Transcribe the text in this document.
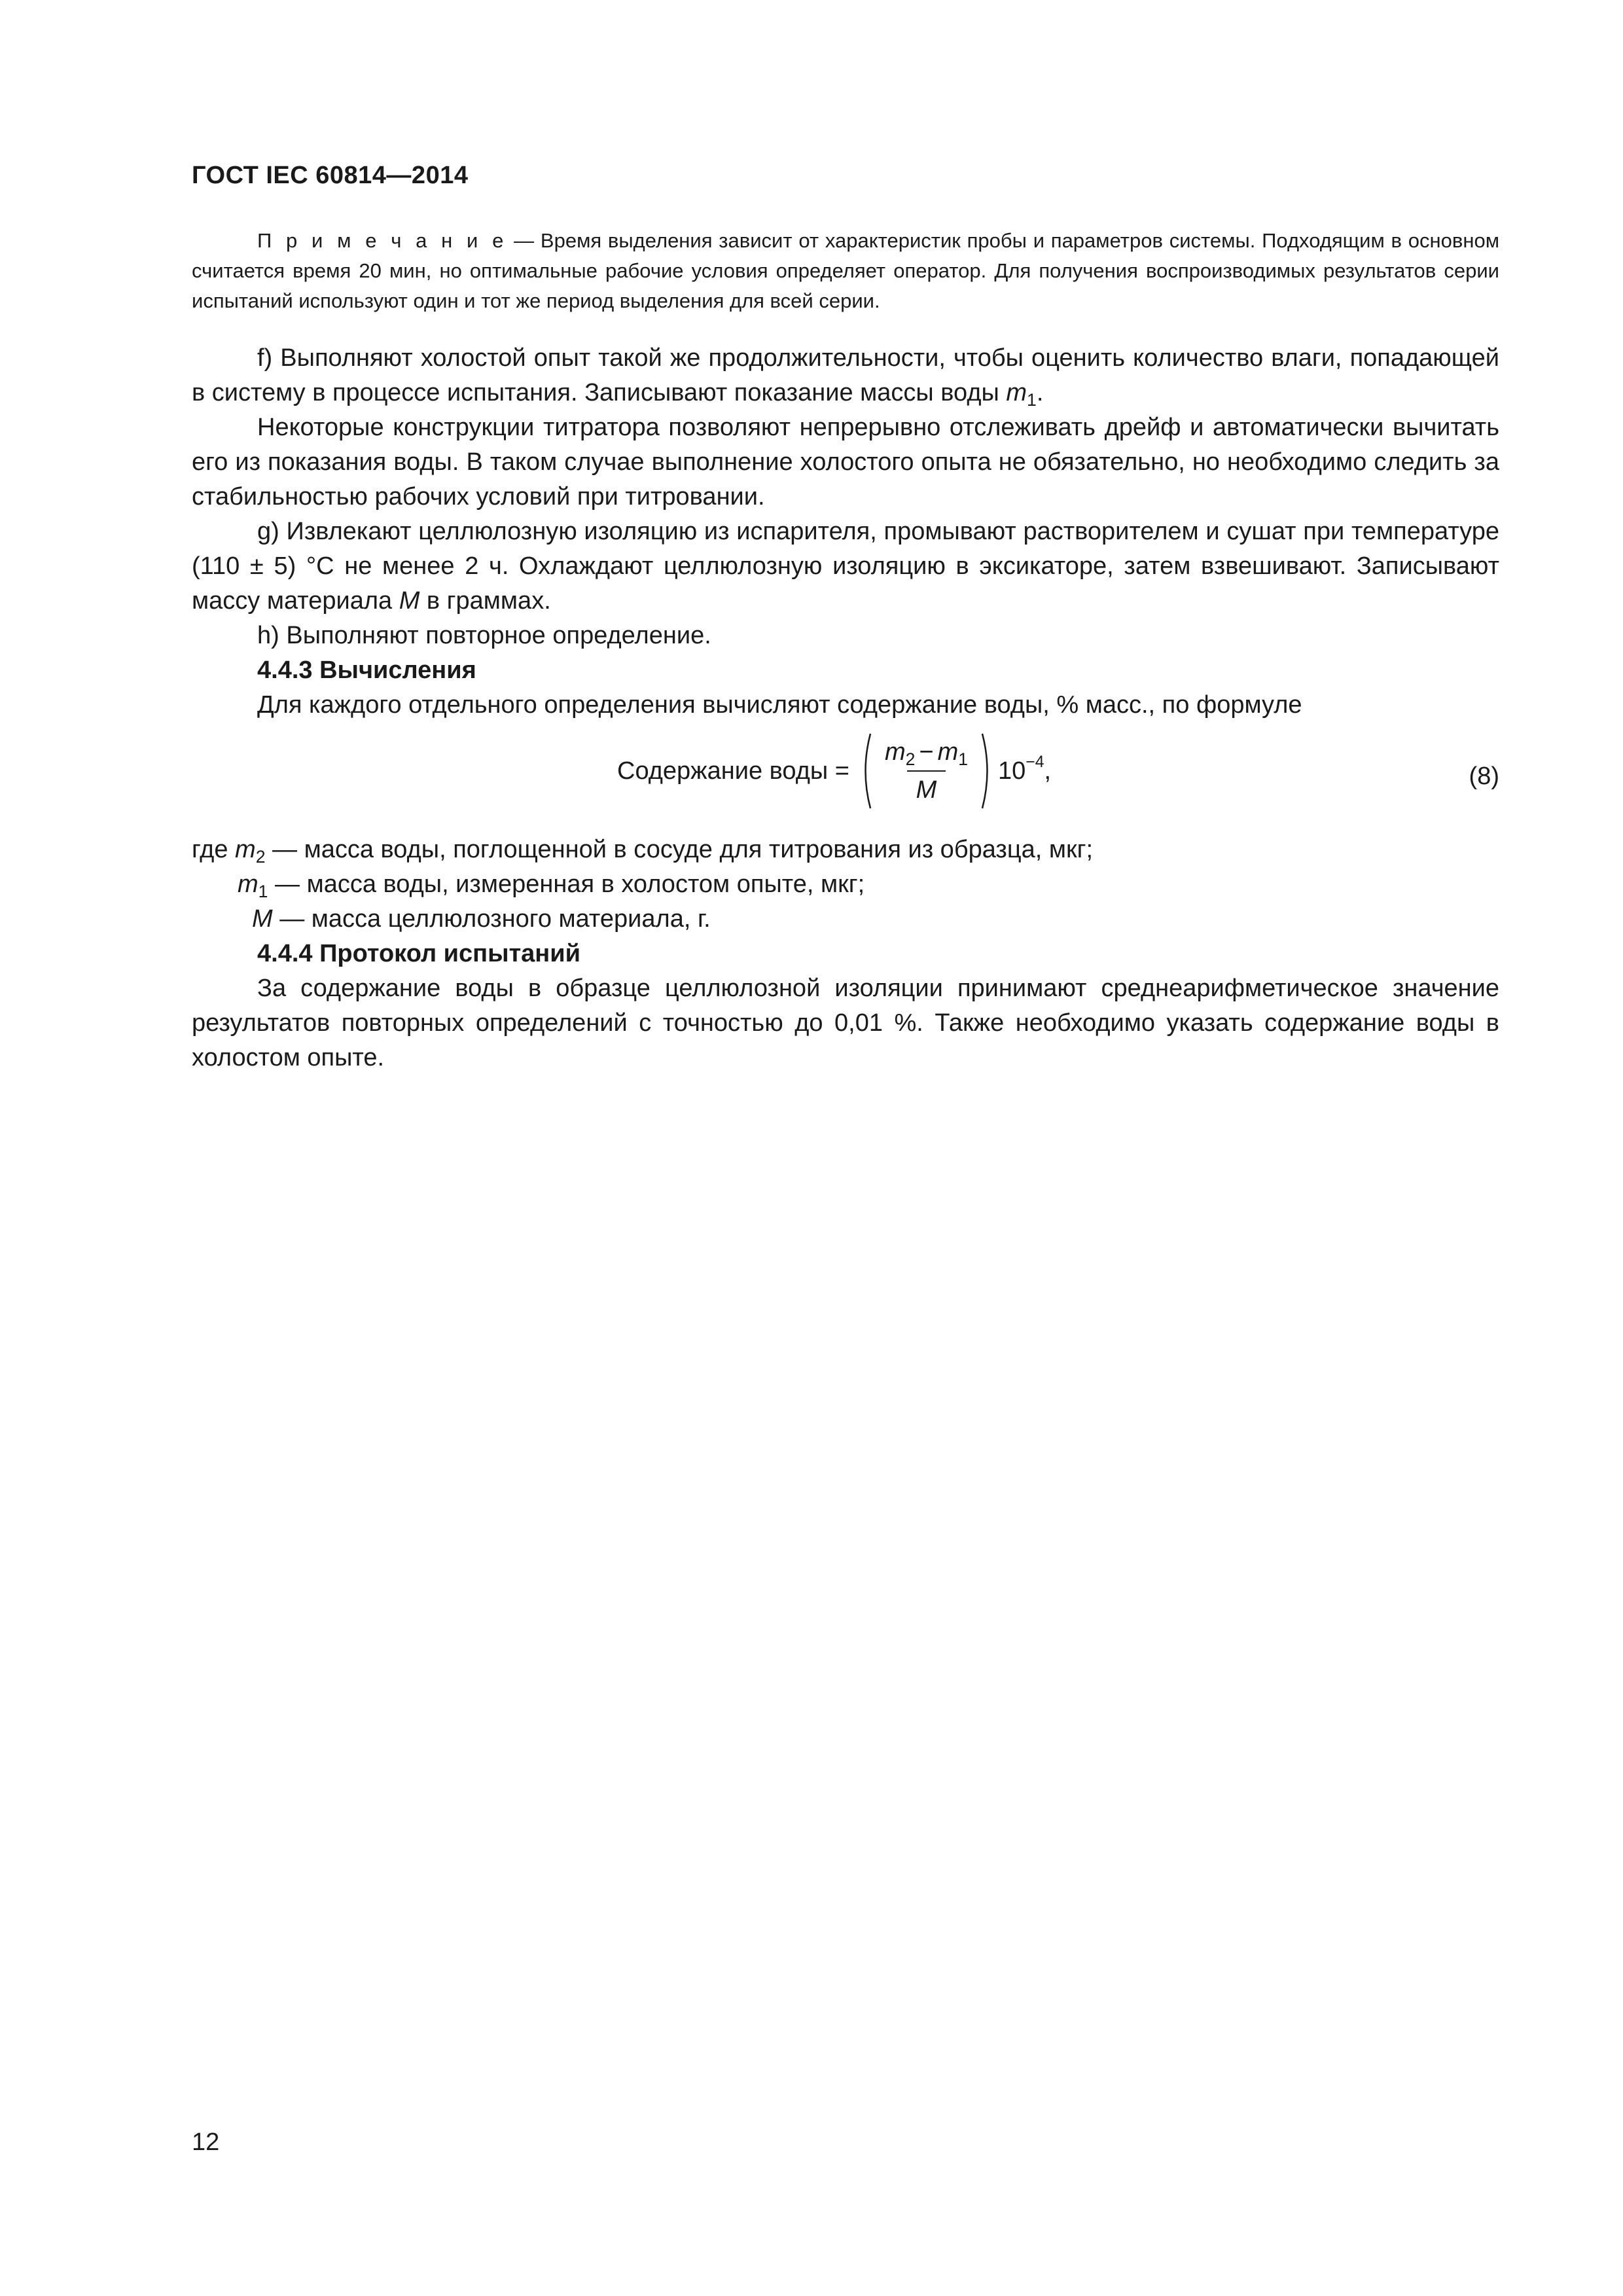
ГОСТ IEC 60814—2014
П р и м е ч а н и е — Время выделения зависит от характеристик пробы и параметров системы. Подходящим в основном считается время 20 мин, но оптимальные рабочие условия определяет оператор. Для получения воспроизводимых результатов серии испытаний используют один и тот же период выделения для всей серии.

f) Выполняют холостой опыт такой же продолжительности, чтобы оценить количество влаги, попадающей в систему в процессе испытания. Записывают показание массы воды $m_1$.

Некоторые конструкции титратора позволяют непрерывно отслеживать дрейф и автоматически вычитать его из показания воды. В таком случае выполнение холостого опыта не обязательно, но необходимо следить за стабильностью рабочих условий при титровании.

g) Извлекают целлюлозную изоляцию из испарителя, промывают растворителем и сушат при температуре (110 ± 5) °C не менее 2 ч. Охлаждают целлюлозную изоляцию в эксикаторе, затем взвешивают. Записывают массу материала M в граммах.

h) Выполняют повторное определение.

4.4.3 Вычисления

Для каждого отдельного определения вычисляют содержание воды, % масс., по формуле

Содержание воды = $\frac{m_2 - m_1}{M} 10^{-4}$,	(8)

где $m_2$ — масса воды, поглощенной в сосуде для титрования из образца, мкг;

$m_1$ — масса воды, измеренная в холостом опыте, мкг;

M — масса целлюлозного материала, г.

4.4.4 Протокол испытаний

За содержание воды в образце целлюлозной изоляции принимают среднеарифметическое значение результатов повторных определений с точностью до 0,01 %. Также необходимо указать содержание воды в холостом опыте.

12
